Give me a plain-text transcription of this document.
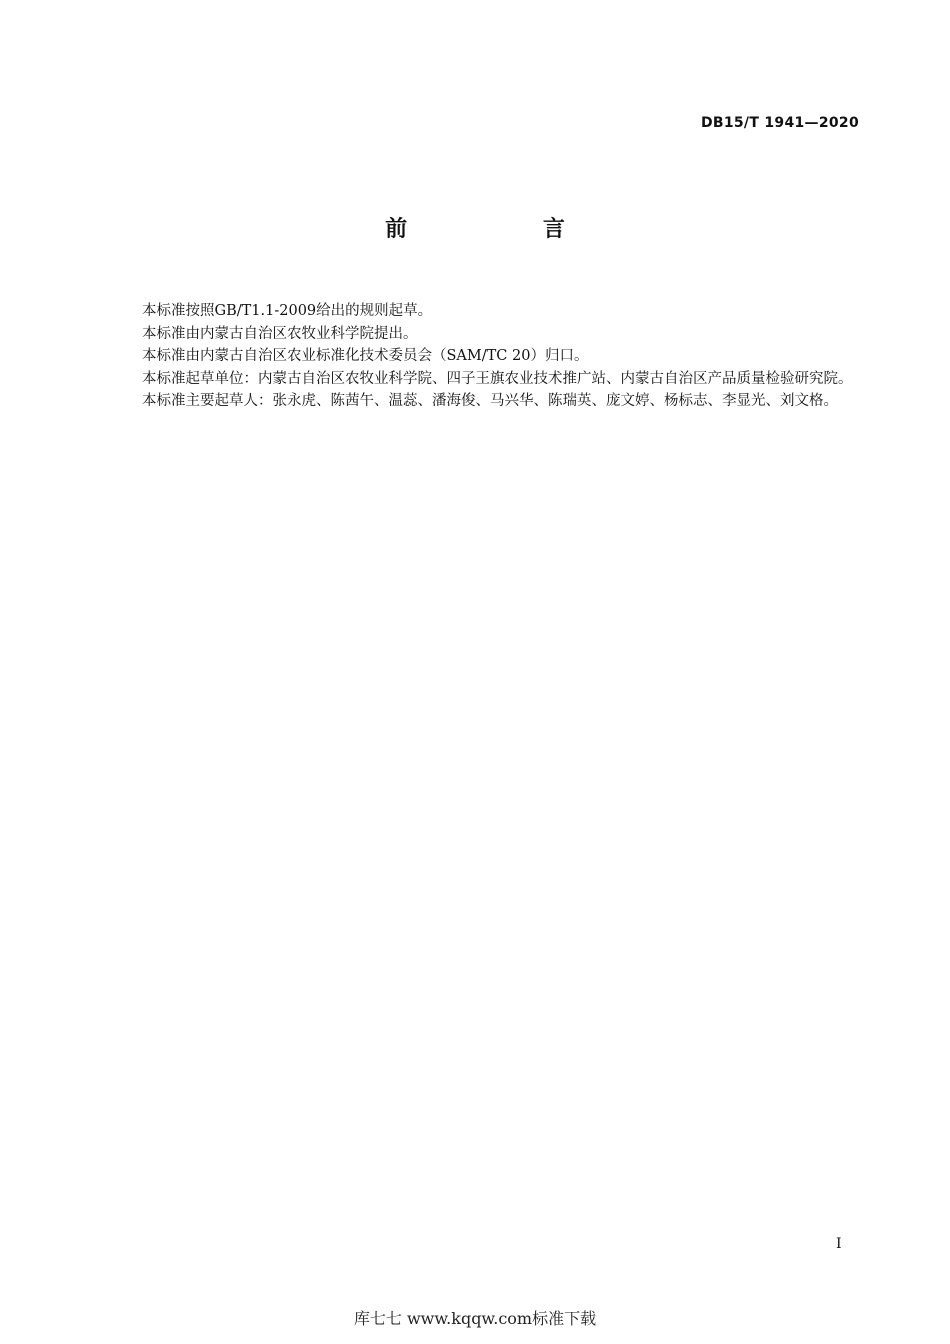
DB15/T 1941—2020
前 言

本标准按照GB/T1.1-2009给出的规则起草。

本标准由内蒙古自治区农牧业科学院提出。

本标准由内蒙古自治区农业标准化技术委员会（SAM/TC 20）归口。

本标准起草单位：内蒙古自治区农牧业科学院、四子王旗农业技术推广站、内蒙古自治区产品质量检验研究院。

本标准主要起草人：张永虎、陈茜午、温蕊、潘海俊、马兴华、陈瑞英、庞文婷、杨标志、李显光、刘文格。

I
库七七 www.kqqw.com标准下载
